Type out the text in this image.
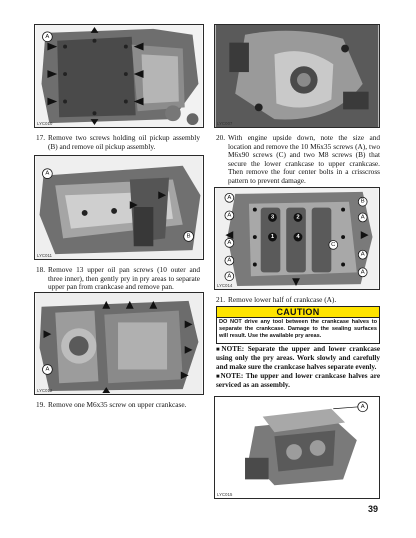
A
LYC010	LYC007
17. Remove two screws holding oil pickup assembly (B) and remove oil pickup assembly.
20. With engine upside down, note the size and location and remove the 10 M6x35 screws (A), two M6x90 screws (C) and two M8 screws (B) that secure the lower crankcase to upper crankcase. Then remove the four center bolts in a crisscross pattern to prevent damage.
A
B
LYC011
A
A
A
A
A
B
C
A
A
A
3	2
1	4
LYC014
18. Remove 13 upper oil pan screws (10 outer and three inner), then gently pry in pry areas to separate upper pan from crankcase and remove pan.
21. Remove lower half of crankcase (A).
CAUTION
DO NOT drive any tool between the crankcase halves to separate the crankcase. Damage to the sealing surfaces will result. Use the available pry areas.

■NOTE: Separate the upper and lower crankcase using only the pry areas. Work slowly and carefully and make sure the crankcase halves separate evenly.

■NOTE: The upper and lower crankcase halves are serviced as an assembly.

A
LYC012
19. Remove one M6x35 screw on upper crankcase.	A
LYC015
39
